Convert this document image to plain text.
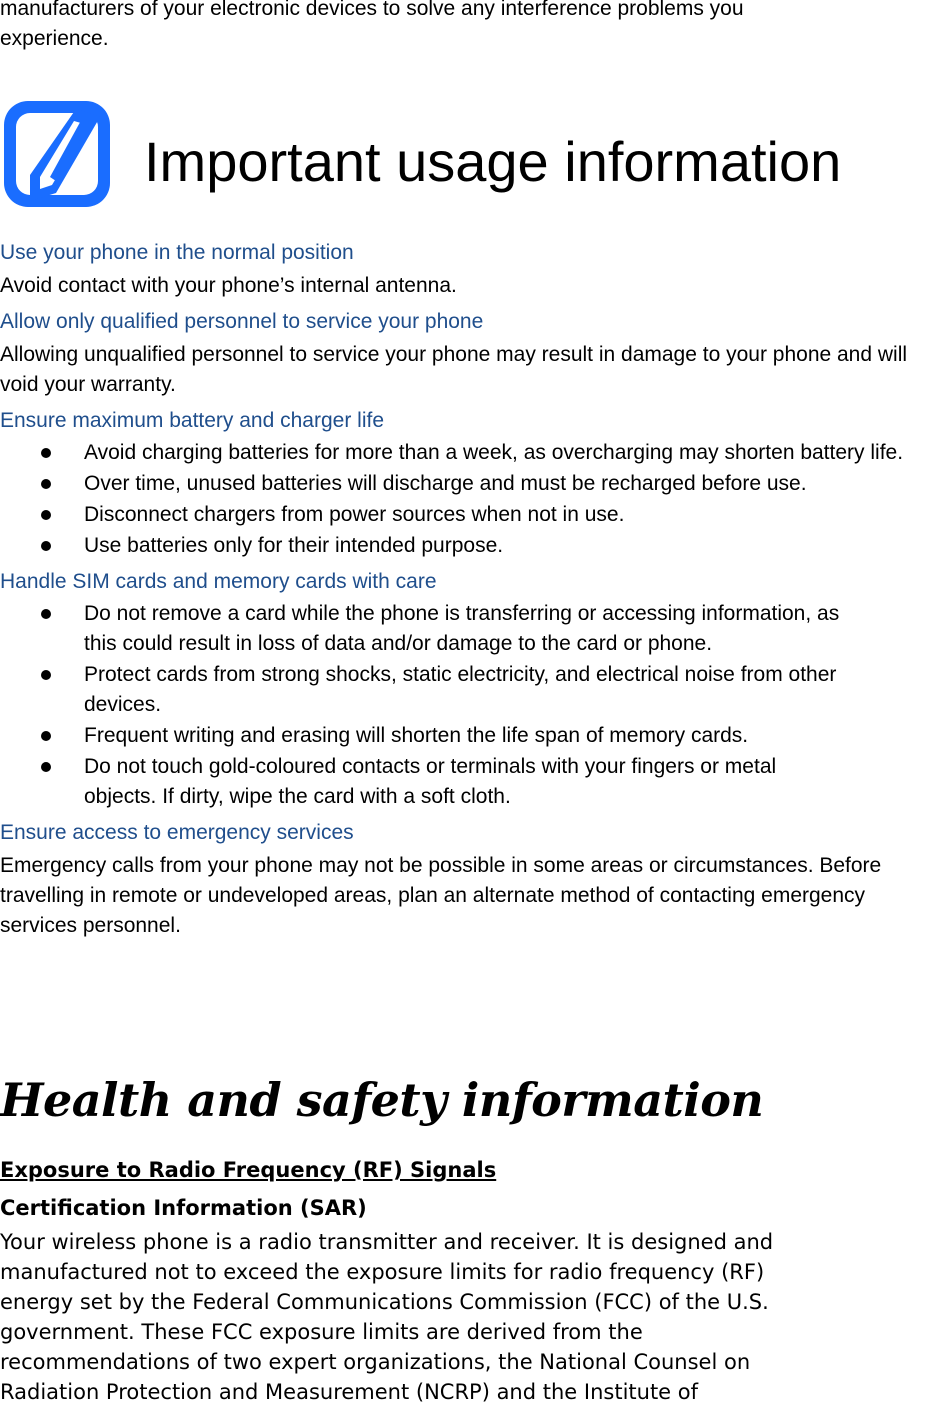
manufacturers of your electronic devices to solve any interference problems you

experience.

Important usage information

Use your phone in the normal position

Avoid contact with your phone’s internal antenna.

Allow only qualified personnel to service your phone

Allowing unqualified personnel to service your phone may result in damage to your phone and will void your warranty.

Ensure maximum battery and charger life

Avoid charging batteries for more than a week, as overcharging may shorten battery life.
Over time, unused batteries will discharge and must be recharged before use.
Disconnect chargers from power sources when not in use.
Use batteries only for their intended purpose.

Handle SIM cards and memory cards with care

Do not remove a card while the phone is transferring or accessing information, as this could result in loss of data and/or damage to the card or phone.
Protect cards from strong shocks, static electricity, and electrical noise from other devices.
Frequent writing and erasing will shorten the life span of memory cards.
Do not touch gold-coloured contacts or terminals with your fingers or metal objects. If dirty, wipe the card with a soft cloth.

Ensure access to emergency services

Emergency calls from your phone may not be possible in some areas or circumstances. Before travelling in remote or undeveloped areas, plan an alternate method of contacting emergency services personnel.

Health and safety information
Exposure to Radio Frequency (RF) Signals
Certification Information (SAR)
Your wireless phone is a radio transmitter and receiver. It is designed and
manufactured not to exceed the exposure limits for radio frequency (RF)
energy set by the Federal Communications Commission (FCC) of the U.S.
government. These FCC exposure limits are derived from the
recommendations of two expert organizations, the National Counsel on
Radiation Protection and Measurement (NCRP) and the Institute of
